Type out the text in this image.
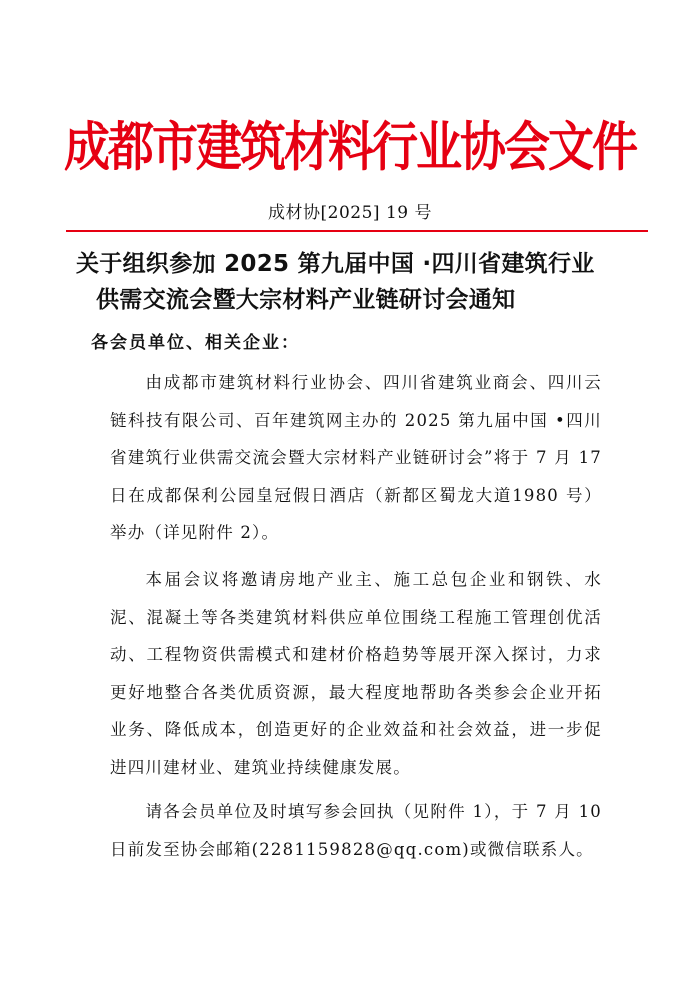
成都市建筑材料行业协会文件
成材协[2025] 19 号
关于组织参加 2025 第九届中国 ·四川省建筑行业
供需交流会暨大宗材料产业链研讨会通知
各会员单位、相关企业：

由成都市建筑材料行业协会、四川省建筑业商会、四川云链科技有限公司、百年建筑网主办的 2025 第九届中国 •四川省建筑行业供需交流会暨大宗材料产业链研讨会”将于 7 月 17 日在成都保利公园皇冠假日酒店（新都区蜀龙大道1980 号）举办（详见附件 2）。

本届会议将邀请房地产业主、施工总包企业和钢铁、水泥、混凝土等各类建筑材料供应单位围绕工程施工管理创优活动、工程物资供需模式和建材价格趋势等展开深入探讨，力求更好地整合各类优质资源，最大程度地帮助各类参会企业开拓业务、降低成本，创造更好的企业效益和社会效益，进一步促进四川建材业、建筑业持续健康发展。

请各会员单位及时填写参会回执（见附件 1），于 7 月 10日前发至协会邮箱(2281159828@qq.com)或微信联系人。
